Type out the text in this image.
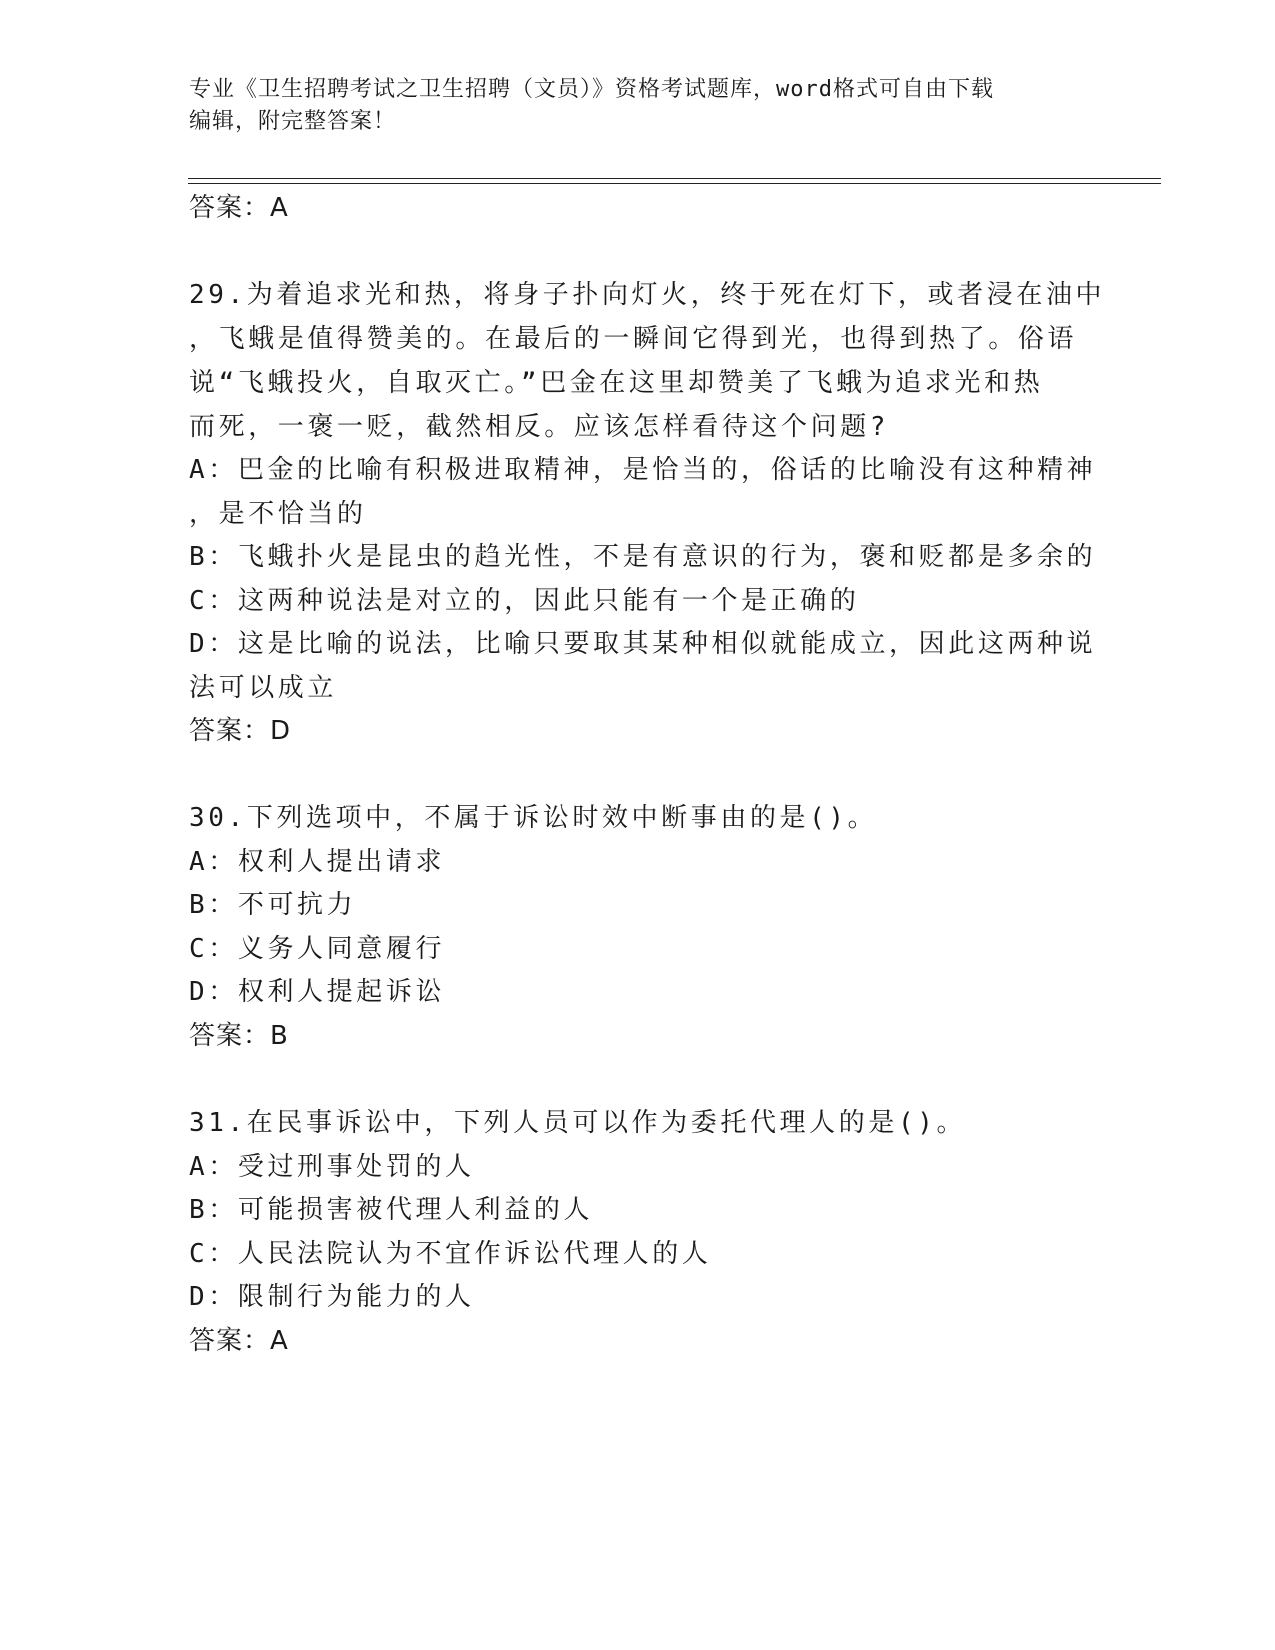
专业《卫生招聘考试之卫生招聘（文员）》资格考试题库，word格式可自由下载
编辑，附完整答案！
答案：A
29.为着追求光和热，将身子扑向灯火，终于死在灯下，或者浸在油中
，飞蛾是值得赞美的。在最后的一瞬间它得到光，也得到热了。俗语
说“飞蛾投火，自取灭亡。”巴金在这里却赞美了飞蛾为追求光和热
而死，一褒一贬，截然相反。应该怎样看待这个问题?
A：巴金的比喻有积极进取精神，是恰当的，俗话的比喻没有这种精神
，是不恰当的
B：飞蛾扑火是昆虫的趋光性，不是有意识的行为，褒和贬都是多余的
C：这两种说法是对立的，因此只能有一个是正确的
D：这是比喻的说法，比喻只要取其某种相似就能成立，因此这两种说
法可以成立
答案：D
30.下列选项中，不属于诉讼时效中断事由的是()。
A：权利人提出请求
B：不可抗力
C：义务人同意履行
D：权利人提起诉讼
答案：B
31.在民事诉讼中，下列人员可以作为委托代理人的是()。
A：受过刑事处罚的人
B：可能损害被代理人利益的人
C：人民法院认为不宜作诉讼代理人的人
D：限制行为能力的人
答案：A
